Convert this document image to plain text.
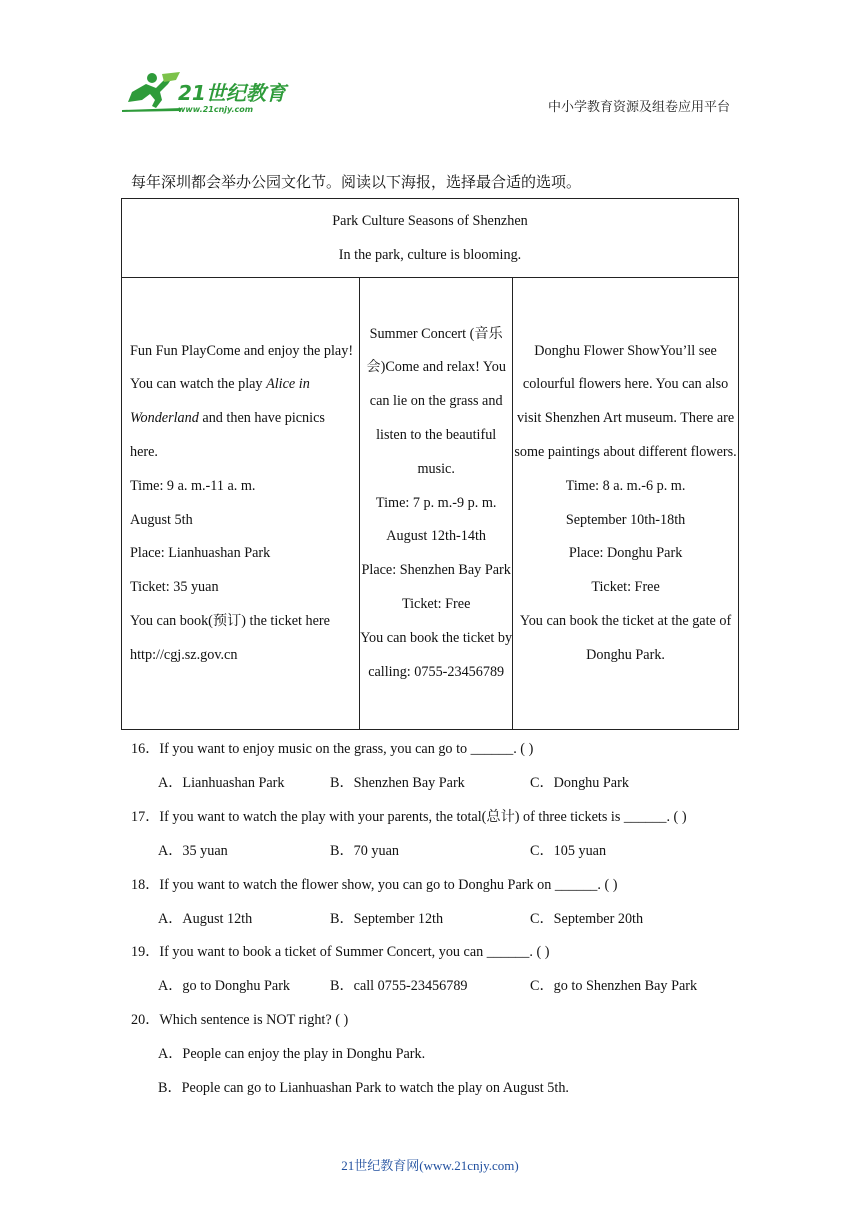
21世纪教育
www.21cnjy.com	中小学教育资源及组卷应用平台
每年深圳都会举办公园文化节。阅读以下海报，选择最合适的选项。
Park Culture Seasons of Shenzhen
In the park, culture is blooming.

Fun Fun PlayCome and enjoy the play! You can watch the play Alice in Wonderland and then have picnics here.
Time: 9 a. m.-11 a. m.
August 5th
Place: Lianhuashan Park
Ticket: 35 yuan
You can book(预订) the ticket here http://cgj.sz.gov.cn	Summer Concert (音乐会)Come and relax! You can lie on the grass and listen to the beautiful music.
Time: 7 p. m.-9 p. m.
August 12th-14th
Place: Shenzhen Bay Park
Ticket: Free
You can book the ticket by calling: 0755-23456789	Donghu Flower ShowYou’ll see colourful flowers here. You can also visit Shenzhen Art museum. There are some paintings about different flowers.
Time: 8 a. m.-6 p. m.
September 10th-18th
Place: Donghu Park
Ticket: Free
You can book the ticket at the gate of Donghu Park.
16．If you want to enjoy music on the grass, you can go to ______. ( )
A．Lianhuashan Park	B．Shenzhen Bay Park	C．Donghu Park
17．If you want to watch the play with your parents, the total(总计) of three tickets is ______. ( )
A．35 yuan	B．70 yuan	C．105 yuan
18．If you want to watch the flower show, you can go to Donghu Park on ______. ( )
A．August 12th	B．September 12th	C．September 20th
19．If you want to book a ticket of Summer Concert, you can ______. ( )
A．go to Donghu Park	B．call 0755-23456789	C．go to Shenzhen Bay Park
20．Which sentence is NOT right? ( )
A．People can enjoy the play in Donghu Park.
B．People can go to Lianhuashan Park to watch the play on August 5th.
21世纪教育网(www.21cnjy.com)
